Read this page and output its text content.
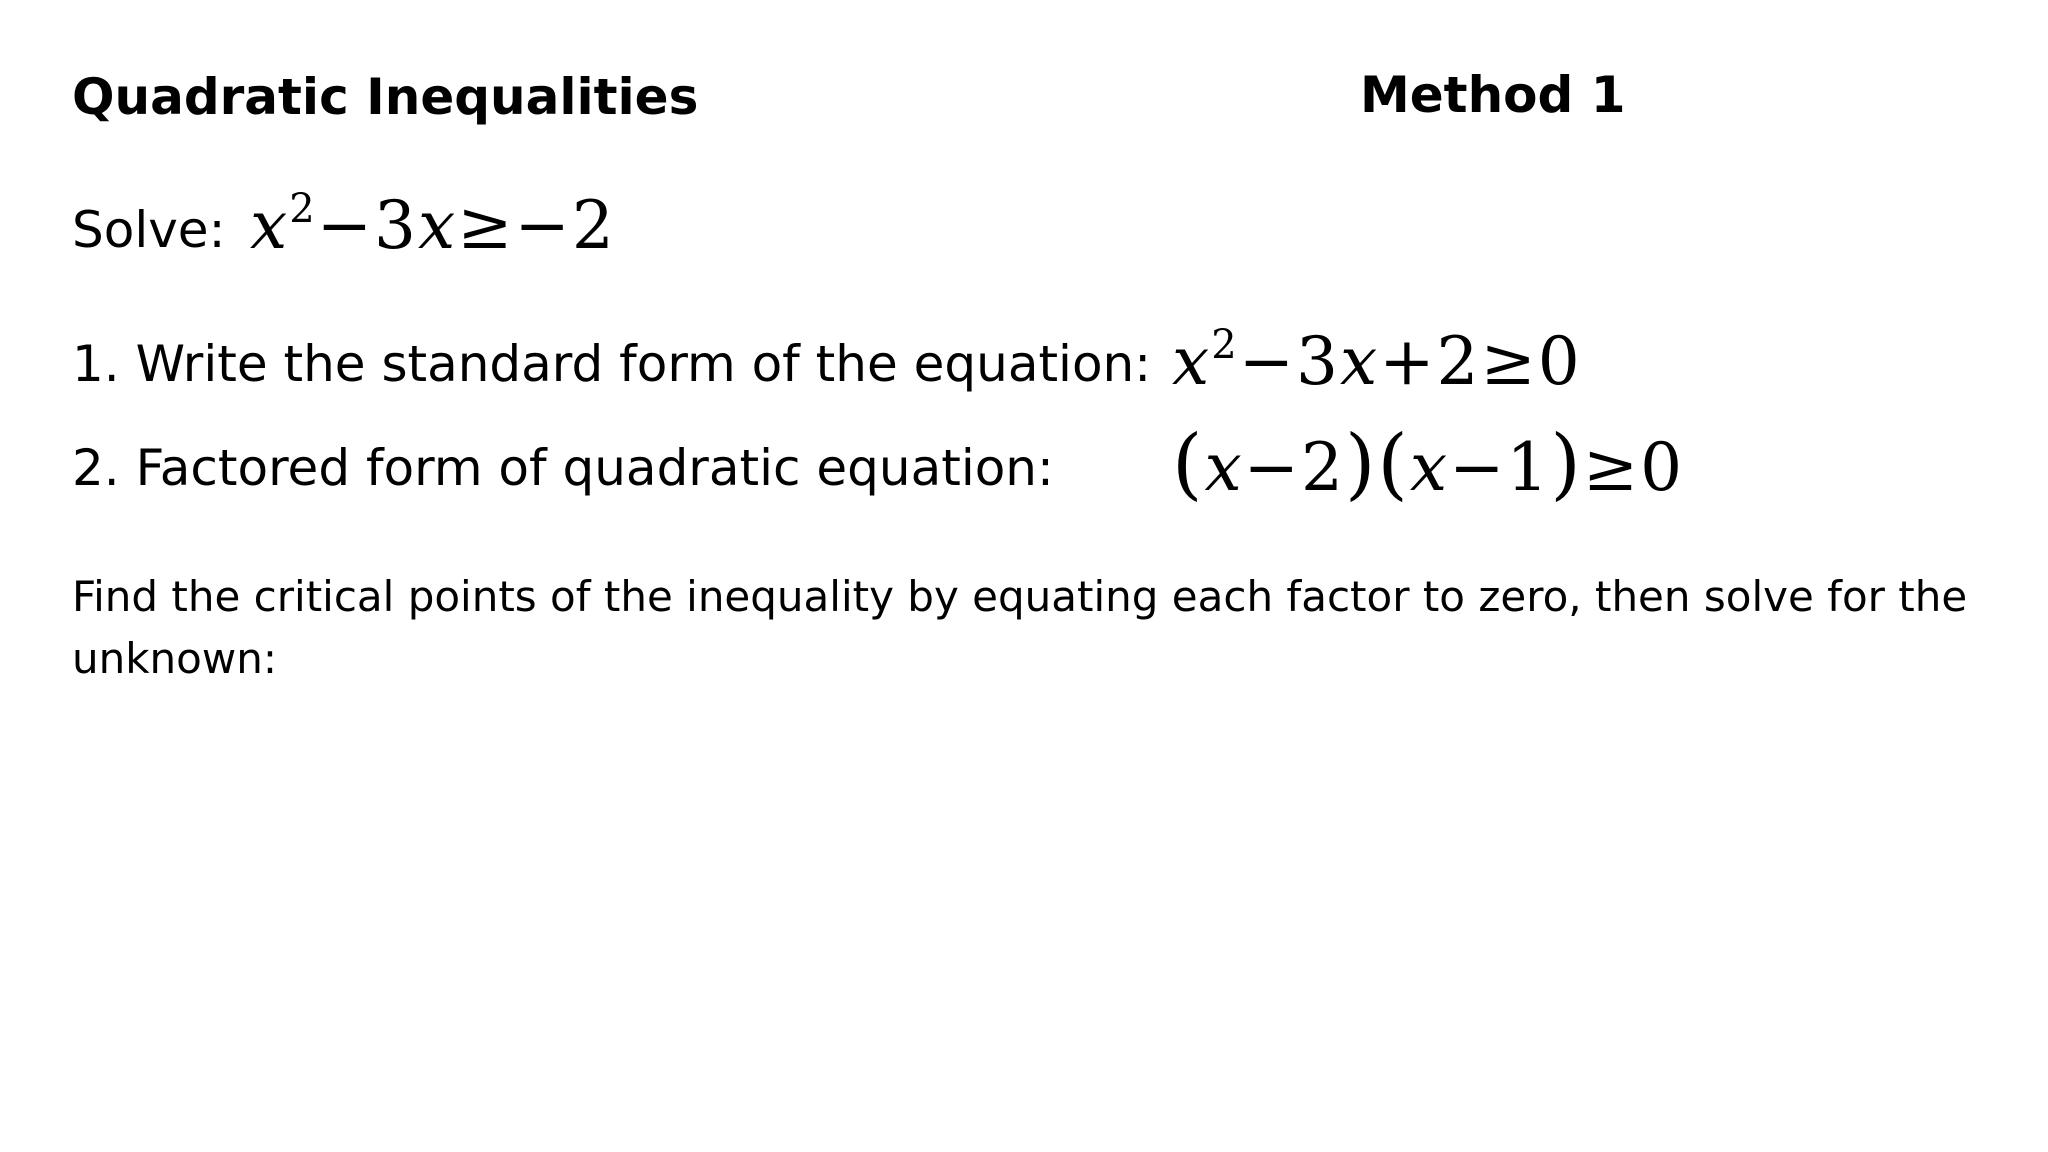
Quadratic Inequalities	Method 1
Solve: $x^2-3x\ge-2$
1. Write the standard form of the equation: $x^2-3x+2\ge 0$
2. Factored form of quadratic equation: (x−2)(x−1)≥0
Find the critical points of the inequality by equating each factor to zero, then solve for the
unknown:
